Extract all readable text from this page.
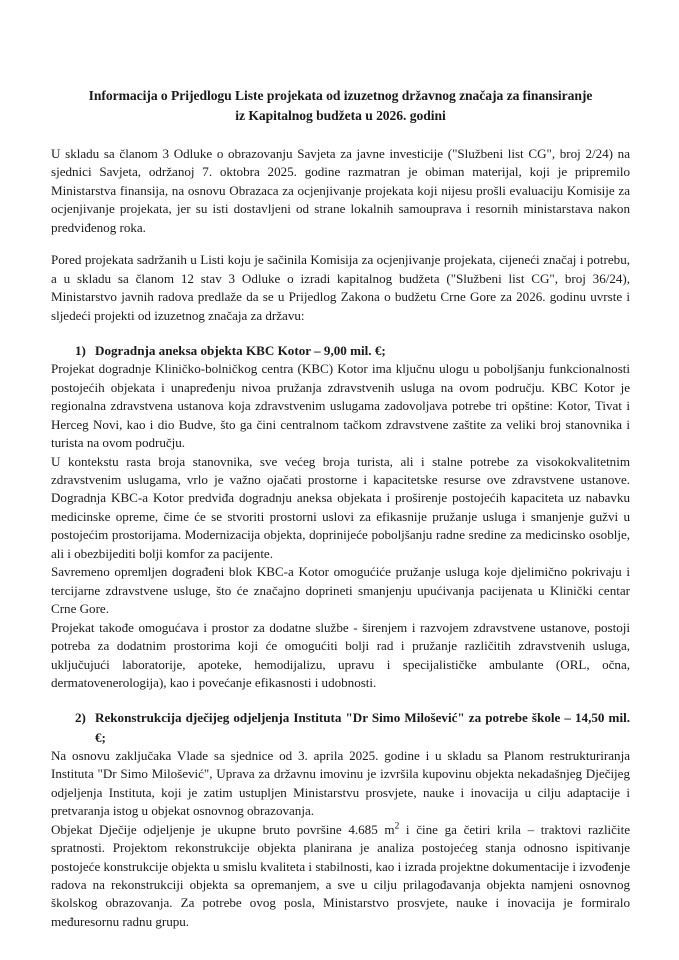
Informacija o Prijedlogu Liste projekata od izuzetnog državnog značaja za finansiranje
iz Kapitalnog budžeta u 2026. godini

U skladu sa članom 3 Odluke o obrazovanju Savjeta za javne investicije ("Službeni list CG", broj 2/24) na sjednici Savjeta, održanoj 7. oktobra 2025. godine razmatran je obiman materijal, koji je pripremilo Ministarstva finansija, na osnovu Obrazaca za ocjenjivanje projekata koji nijesu prošli evaluaciju Komisije za ocjenjivanje projekata, jer su isti dostavljeni od strane lokalnih samouprava i resornih ministarstava nakon predviđenog roka.

Pored projekata sadržanih u Listi koju je sačinila Komisija za ocjenjivanje projekata, cijeneći značaj i potrebu, a u skladu sa članom 12 stav 3 Odluke o izradi kapitalnog budžeta ("Službeni list CG", broj 36/24), Ministarstvo javnih radova predlaže da se u Prijedlog Zakona o budžetu Crne Gore za 2026. godinu uvrste i sljedeći projekti od izuzetnog značaja za državu:

1) Dogradnja aneksa objekta KBC Kotor – 9,00 mil. €;

Projekat dogradnje Kliničko-bolničkog centra (KBC) Kotor ima ključnu ulogu u poboljšanju funkcionalnosti postojećih objekata i unapređenju nivoa pružanja zdravstvenih usluga na ovom području. KBC Kotor je regionalna zdravstvena ustanova koja zdravstvenim uslugama zadovoljava potrebe tri opštine: Kotor, Tivat i Herceg Novi, kao i dio Budve, što ga čini centralnom tačkom zdravstvene zaštite za veliki broj stanovnika i turista na ovom području.

U kontekstu rasta broja stanovnika, sve većeg broja turista, ali i stalne potrebe za visokokvalitetnim zdravstvenim uslugama, vrlo je važno ojačati prostorne i kapacitetske resurse ove zdravstvene ustanove. Dogradnja KBC-a Kotor predviđa dogradnju aneksa objekata i proširenje postojećih kapaciteta uz nabavku medicinske opreme, čime će se stvoriti prostorni uslovi za efikasnije pružanje usluga i smanjenje gužvi u postojećim prostorijama. Modernizacija objekta, doprinijeće poboljšanju radne sredine za medicinsko osoblje, ali i obezbijediti bolji komfor za pacijente.

Savremeno opremljen dograđeni blok KBC-a Kotor omogućiće pružanje usluga koje djelimično pokrivaju i tercijarne zdravstvene usluge, što će značajno doprineti smanjenju upućivanja pacijenata u Klinički centar Crne Gore.

Projekat takođe omogućava i prostor za dodatne službe - širenjem i razvojem zdravstvene ustanove, postoji potreba za dodatnim prostorima koji će omogućiti bolji rad i pružanje različitih zdravstvenih usluga, uključujući laboratorije, apoteke, hemodijalizu, upravu i specijalističke ambulante (ORL, očna, dermatovenerologija), kao i povećanje efikasnosti i udobnosti.

2) Rekonstrukcija dječijeg odjeljenja Instituta "Dr Simo Milošević" za potrebe škole – 14,50 mil. €;

Na osnovu zaključaka Vlade sa sjednice od 3. aprila 2025. godine i u skladu sa Planom restrukturiranja Instituta "Dr Simo Milošević", Uprava za državnu imovinu je izvršila kupovinu objekta nekadašnjeg Dječijeg odjeljenja Instituta, koji je zatim ustupljen Ministarstvu prosvjete, nauke i inovacija u cilju adaptacije i pretvaranja istog u objekat osnovnog obrazovanja.

Objekat Dječije odjeljenje je ukupne bruto površine 4.685 $m^2$ i čine ga četiri krila – traktovi različite spratnosti. Projektom rekonstrukcije objekta planirana je analiza postojećeg stanja odnosno ispitivanje postojeće konstrukcije objekta u smislu kvaliteta i stabilnosti, kao i izrada projektne dokumentacije i izvođenje radova na rekonstrukciji objekta sa opremanjem, a sve u cilju prilagođavanja objekta namjeni osnovnog školskog obrazovanja. Za potrebe ovog posla, Ministarstvo prosvjete, nauke i inovacija je formiralo međuresornu radnu grupu.
